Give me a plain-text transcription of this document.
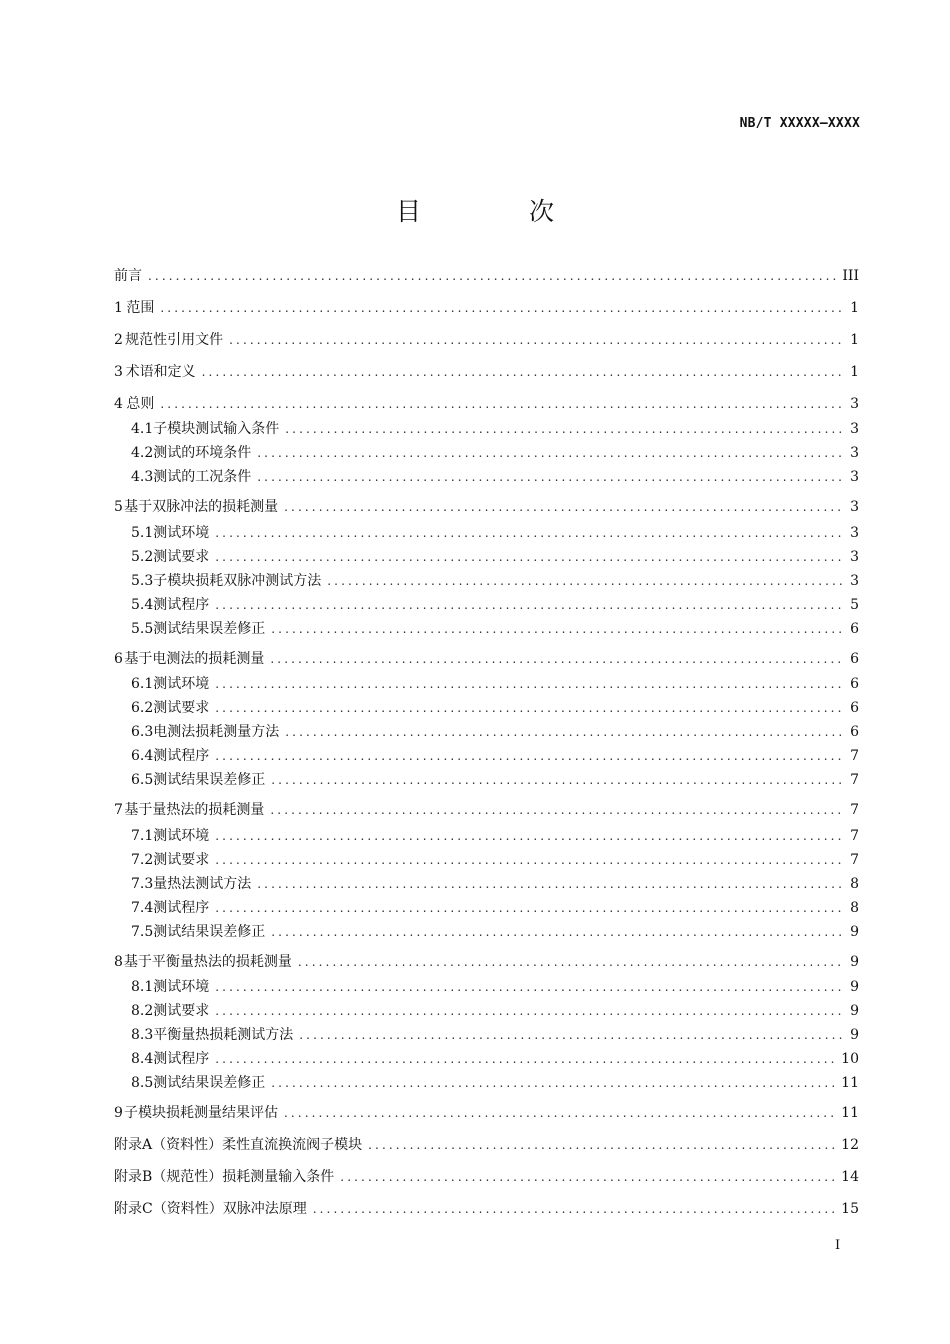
NB/T XXXXX—XXXX
目 次
前言 .....	III
1 范围 .....	1
2 规范性引用文件 .....	1
3 术语和定义 .....	1
4 总则 .....	3
4.1 子模块测试输入条件 .....	3
4.2 测试的环境条件 .....	3
4.3 测试的工况条件 .....	3
5 基于双脉冲法的损耗测量 .....	3
5.1 测试环境 .....	3
5.2 测试要求 .....	3
5.3 子模块损耗双脉冲测试方法 .....	3
5.4 测试程序 .....	5
5.5 测试结果误差修正 .....	6
6 基于电测法的损耗测量 .....	6
6.1 测试环境 .....	6
6.2 测试要求 .....	6
6.3 电测法损耗测量方法 .....	6
6.4 测试程序 .....	7
6.5 测试结果误差修正 .....	7
7 基于量热法的损耗测量 .....	7
7.1 测试环境 .....	7
7.2 测试要求 .....	7
7.3 量热法测试方法 .....	8
7.4 测试程序 .....	8
7.5 测试结果误差修正 .....	9
8 基于平衡量热法的损耗测量 .....	9
8.1 测试环境 .....	9
8.2 测试要求 .....	9
8.3 平衡量热损耗测试方法 .....	9
8.4 测试程序 .....	10
8.5 测试结果误差修正 .....	11
9 子模块损耗测量结果评估 .....	11
附录A（资料性） 柔性直流换流阀子模块 .....	12
附录B（规范性） 损耗测量输入条件 .....	14
附录C（资料性） 双脉冲法原理 .....	15
I
